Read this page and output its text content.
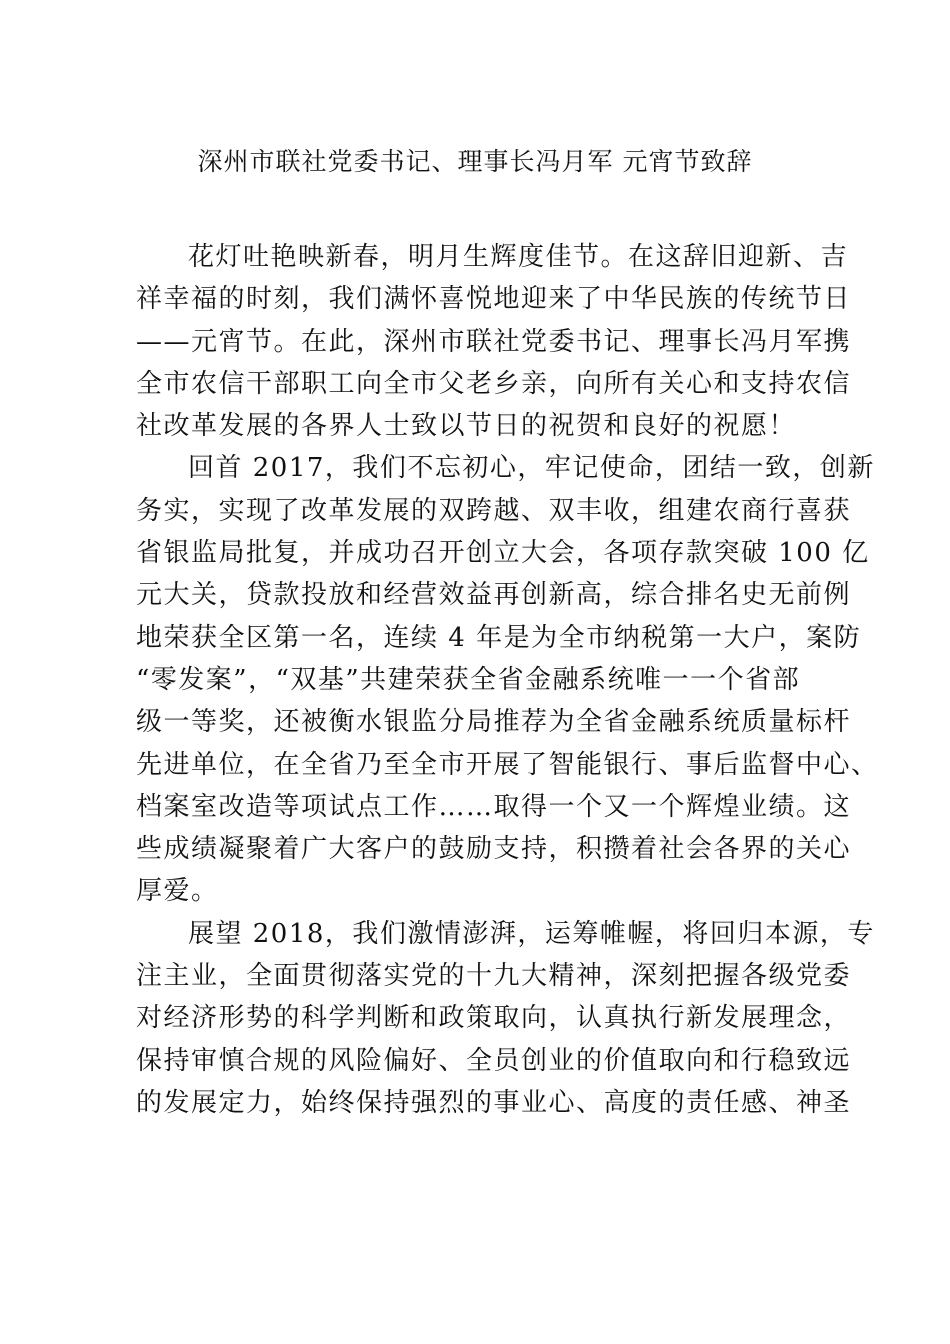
深州市联社党委书记、理事长冯月军 元宵节致辞
花灯吐艳映新春，明月生辉度佳节。在这辞旧迎新、吉
祥幸福的时刻，我们满怀喜悦地迎来了中华民族的传统节日
——元宵节。在此，深州市联社党委书记、理事长冯月军携
全市农信干部职工向全市父老乡亲，向所有关心和支持农信
社改革发展的各界人士致以节日的祝贺和良好的祝愿！
回首 2017，我们不忘初心，牢记使命，团结一致，创新
务实，实现了改革发展的双跨越、双丰收，组建农商行喜获
省银监局批复，并成功召开创立大会，各项存款突破 100 亿
元大关，贷款投放和经营效益再创新高，综合排名史无前例
地荣获全区第一名，连续 4 年是为全市纳税第一大户，案防
“零发案”，“双基”共建荣获全省金融系统唯一一个省部
级一等奖，还被衡水银监分局推荐为全省金融系统质量标杆
先进单位，在全省乃至全市开展了智能银行、事后监督中心、
档案室改造等项试点工作……取得一个又一个辉煌业绩。这
些成绩凝聚着广大客户的鼓励支持，积攒着社会各界的关心
厚爱。
展望 2018，我们激情澎湃，运筹帷幄，将回归本源，专
注主业，全面贯彻落实党的十九大精神，深刻把握各级党委
对经济形势的科学判断和政策取向，认真执行新发展理念，
保持审慎合规的风险偏好、全员创业的价值取向和行稳致远
的发展定力，始终保持强烈的事业心、高度的责任感、神圣
